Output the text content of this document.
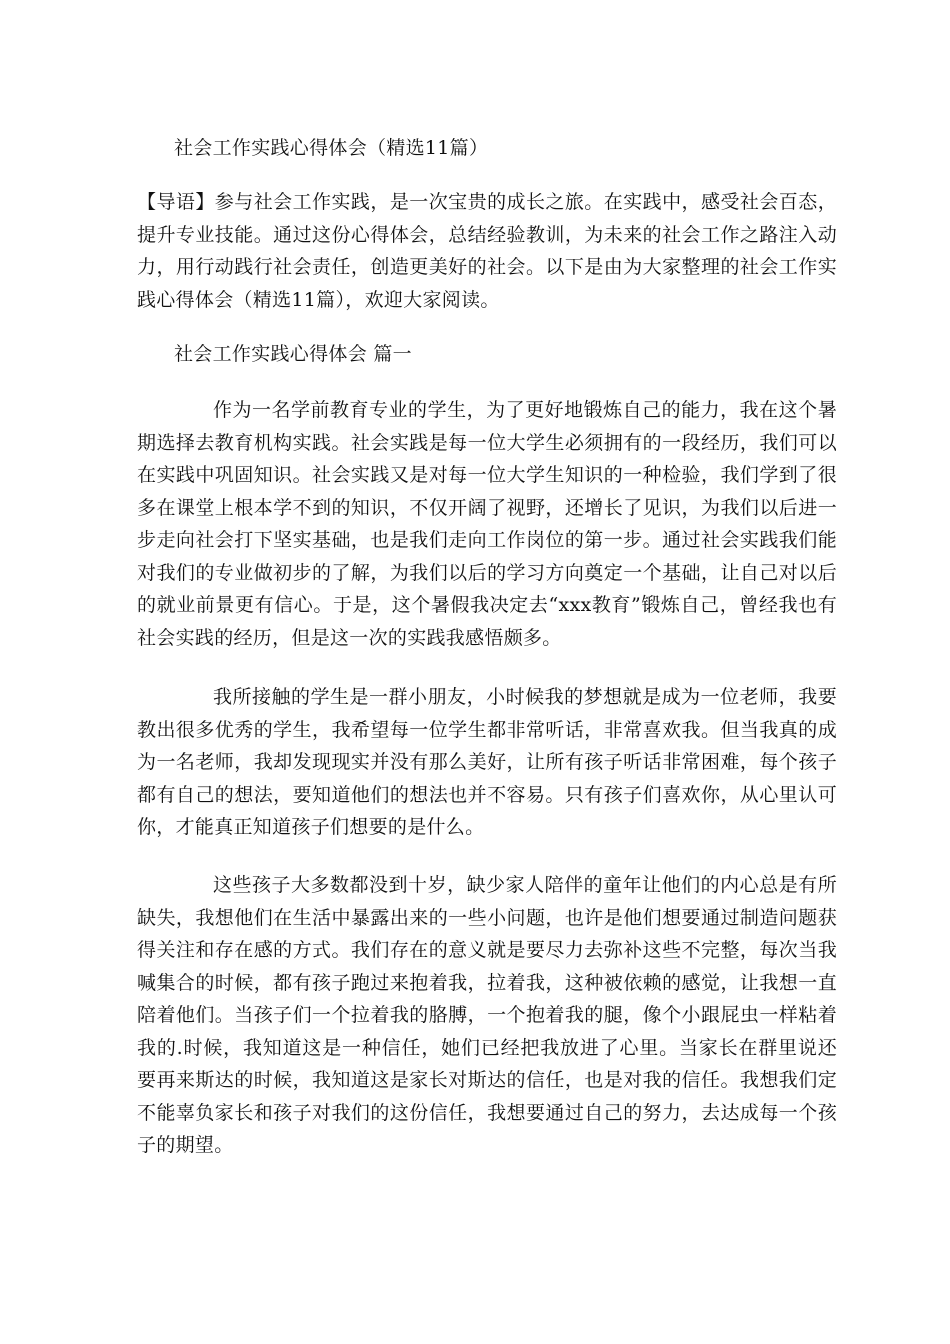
社会工作实践心得体会（精选11篇）

【导语】参与社会工作实践，是一次宝贵的成长之旅。在实践中，感受社会百态，提升专业技能。通过这份心得体会，总结经验教训，为未来的社会工作之路注入动力，用行动践行社会责任，创造更美好的社会。以下是由为大家整理的社会工作实践心得体会（精选11篇），欢迎大家阅读。

社会工作实践心得体会 篇一

作为一名学前教育专业的学生，为了更好地锻炼自己的能力，我在这个暑期选择去教育机构实践。社会实践是每一位大学生必须拥有的一段经历，我们可以在实践中巩固知识。社会实践又是对每一位大学生知识的一种检验，我们学到了很多在课堂上根本学不到的知识，不仅开阔了视野，还增长了见识，为我们以后进一步走向社会打下坚实基础，也是我们走向工作岗位的第一步。通过社会实践我们能对我们的专业做初步的了解，为我们以后的学习方向奠定一个基础，让自己对以后的就业前景更有信心。于是，这个暑假我决定去“xxx教育”锻炼自己，曾经我也有社会实践的经历，但是这一次的实践我感悟颇多。

我所接触的学生是一群小朋友，小时候我的梦想就是成为一位老师，我要教出很多优秀的学生，我希望每一位学生都非常听话，非常喜欢我。但当我真的成为一名老师，我却发现现实并没有那么美好，让所有孩子听话非常困难，每个孩子都有自己的想法，要知道他们的想法也并不容易。只有孩子们喜欢你，从心里认可你，才能真正知道孩子们想要的是什么。

这些孩子大多数都没到十岁，缺少家人陪伴的童年让他们的内心总是有所缺失，我想他们在生活中暴露出来的一些小问题，也许是他们想要通过制造问题获得关注和存在感的方式。我们存在的意义就是要尽力去弥补这些不完整，每次当我喊集合的时候，都有孩子跑过来抱着我，拉着我，这种被依赖的感觉，让我想一直陪着他们。当孩子们一个拉着我的胳膊，一个抱着我的腿，像个小跟屁虫一样粘着我的.时候，我知道这是一种信任，她们已经把我放进了心里。当家长在群里说还要再来斯达的时候，我知道这是家长对斯达的信任，也是对我的信任。我想我们定不能辜负家长和孩子对我们的这份信任，我想要通过自己的努力，去达成每一个孩子的期望。
